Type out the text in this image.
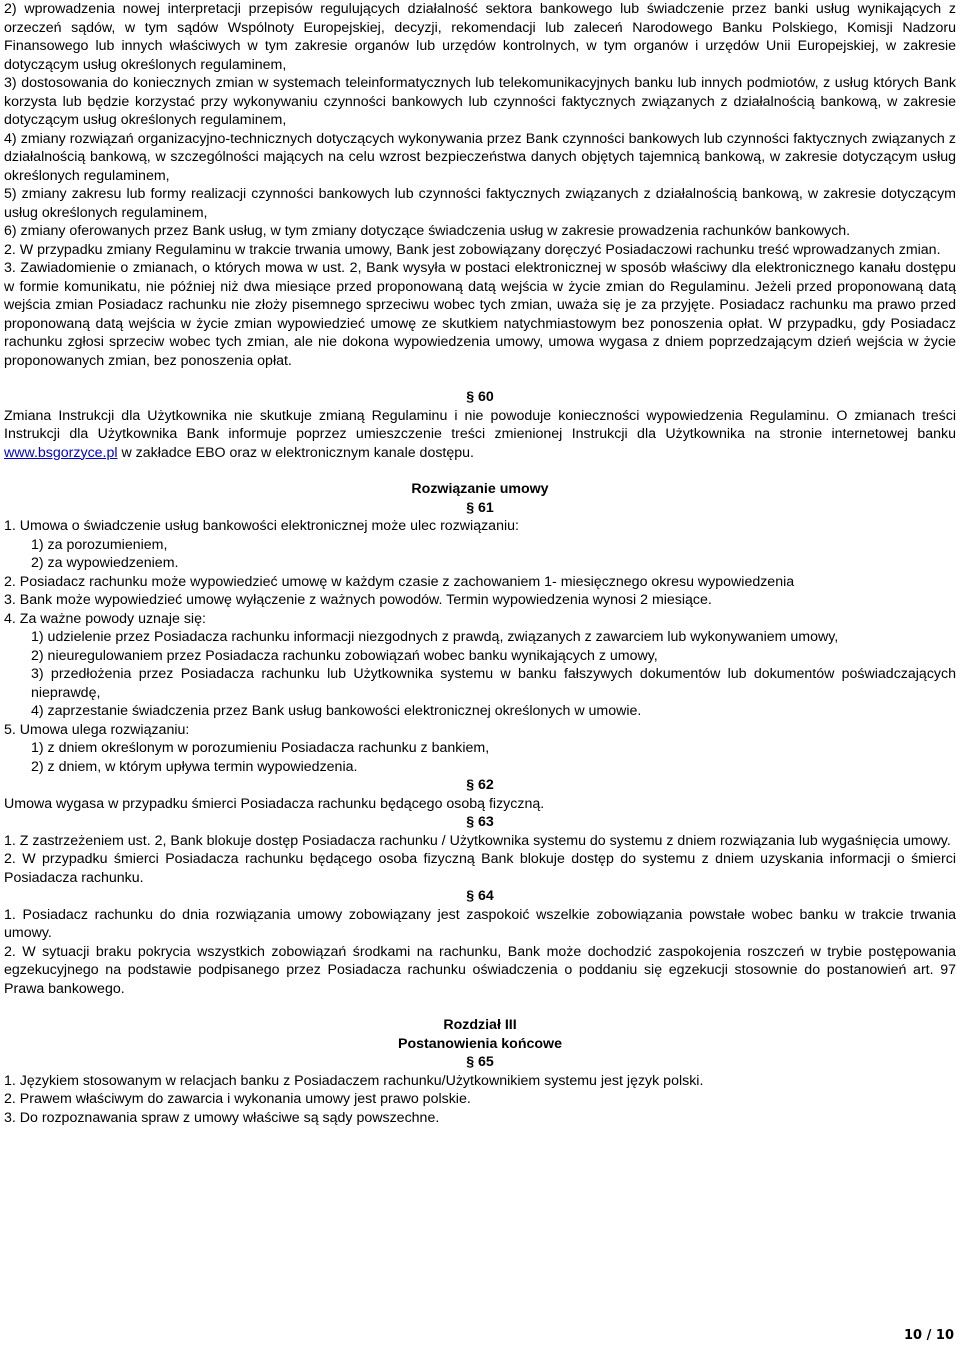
2) wprowadzenia nowej interpretacji przepisów regulujących działalność sektora bankowego lub świadczenie przez banki usług wynikających z orzeczeń sądów, w tym sądów Wspólnoty Europejskiej, decyzji, rekomendacji lub zaleceń Narodowego Banku Polskiego, Komisji Nadzoru Finansowego lub innych właściwych w tym zakresie organów lub urzędów kontrolnych, w tym organów i urzędów Unii Europejskiej, w zakresie dotyczącym usług określonych regulaminem,

3) dostosowania do koniecznych zmian w systemach teleinformatycznych lub telekomunikacyjnych banku lub innych podmiotów, z usług których Bank korzysta lub będzie korzystać przy wykonywaniu czynności bankowych lub czynności faktycznych związanych z działalnością bankową, w zakresie dotyczącym usług określonych regulaminem,

4) zmiany rozwiązań organizacyjno-technicznych dotyczących wykonywania przez Bank czynności bankowych lub czynności faktycznych związanych z działalnością bankową, w szczególności mających na celu wzrost bezpieczeństwa danych objętych tajemnicą bankową, w zakresie dotyczącym usług określonych regulaminem,

5) zmiany zakresu lub formy realizacji czynności bankowych lub czynności faktycznych związanych z działalnością bankową, w zakresie dotyczącym usług określonych regulaminem,

6) zmiany oferowanych przez Bank usług, w tym zmiany dotyczące świadczenia usług w zakresie prowadzenia rachunków bankowych.

2. W przypadku zmiany Regulaminu w trakcie trwania umowy, Bank jest zobowiązany doręczyć Posiadaczowi rachunku treść wprowadzanych zmian.

3. Zawiadomienie o zmianach, o których mowa w ust. 2, Bank wysyła w postaci elektronicznej w sposób właściwy dla elektronicznego kanału dostępu w formie komunikatu, nie później niż dwa miesiące przed proponowaną datą wejścia w życie zmian do Regulaminu. Jeżeli przed proponowaną datą wejścia zmian Posiadacz rachunku nie złoży pisemnego sprzeciwu wobec tych zmian, uważa się je za przyjęte. Posiadacz rachunku ma prawo przed proponowaną datą wejścia w życie zmian wypowiedzieć umowę ze skutkiem natychmiastowym bez ponoszenia opłat. W przypadku, gdy Posiadacz rachunku zgłosi sprzeciw wobec tych zmian, ale nie dokona wypowiedzenia umowy, umowa wygasa z dniem poprzedzającym dzień wejścia w życie proponowanych zmian, bez ponoszenia opłat.

§ 60

Zmiana Instrukcji dla Użytkownika nie skutkuje zmianą Regulaminu i nie powoduje konieczności wypowiedzenia Regulaminu. O zmianach treści Instrukcji dla Użytkownika Bank informuje poprzez umieszczenie treści zmienionej Instrukcji dla Użytkownika na stronie internetowej banku www.bsgorzyce.pl w zakładce EBO oraz w elektronicznym kanale dostępu.

Rozwiązanie umowy

§ 61

1. Umowa o świadczenie usług bankowości elektronicznej może ulec rozwiązaniu:

1) za porozumieniem,

2) za wypowiedzeniem.

2. Posiadacz rachunku może wypowiedzieć umowę w każdym czasie z zachowaniem 1- miesięcznego okresu wypowiedzenia

3. Bank może wypowiedzieć umowę wyłączenie z ważnych powodów. Termin wypowiedzenia wynosi 2 miesiące.

4. Za ważne powody uznaje się:

1) udzielenie przez Posiadacza rachunku informacji niezgodnych z prawdą, związanych z zawarciem lub wykonywaniem umowy,

2) nieuregulowaniem przez Posiadacza rachunku zobowiązań wobec banku wynikających z umowy,

3) przedłożenia przez Posiadacza rachunku lub Użytkownika systemu w banku fałszywych dokumentów lub dokumentów poświadczających nieprawdę,

4) zaprzestanie świadczenia przez Bank usług bankowości elektronicznej określonych w umowie.

5. Umowa ulega rozwiązaniu:

1) z dniem określonym w porozumieniu Posiadacza rachunku z bankiem,

2) z dniem, w którym upływa termin wypowiedzenia.

§ 62

Umowa wygasa w przypadku śmierci Posiadacza rachunku będącego osobą fizyczną.

§ 63

1. Z zastrzeżeniem ust. 2, Bank blokuje dostęp Posiadacza rachunku / Użytkownika systemu do systemu z dniem rozwiązania lub wygaśnięcia umowy.

2. W przypadku śmierci Posiadacza rachunku będącego osoba fizyczną Bank blokuje dostęp do systemu z dniem uzyskania informacji o śmierci Posiadacza rachunku.

§ 64

1. Posiadacz rachunku do dnia rozwiązania umowy zobowiązany jest zaspokoić wszelkie zobowiązania powstałe wobec banku w trakcie trwania umowy.

2. W sytuacji braku pokrycia wszystkich zobowiązań środkami na rachunku, Bank może dochodzić zaspokojenia roszczeń w trybie postępowania egzekucyjnego na podstawie podpisanego przez Posiadacza rachunku oświadczenia o poddaniu się egzekucji stosownie do postanowień art. 97 Prawa bankowego.

Rozdział III

Postanowienia końcowe

§ 65

1. Językiem stosowanym w relacjach banku z Posiadaczem rachunku/Użytkownikiem systemu jest język polski.

2. Prawem właściwym do zawarcia i wykonania umowy jest prawo polskie.

3. Do rozpoznawania spraw z umowy właściwe są sądy powszechne.

10 / 10
